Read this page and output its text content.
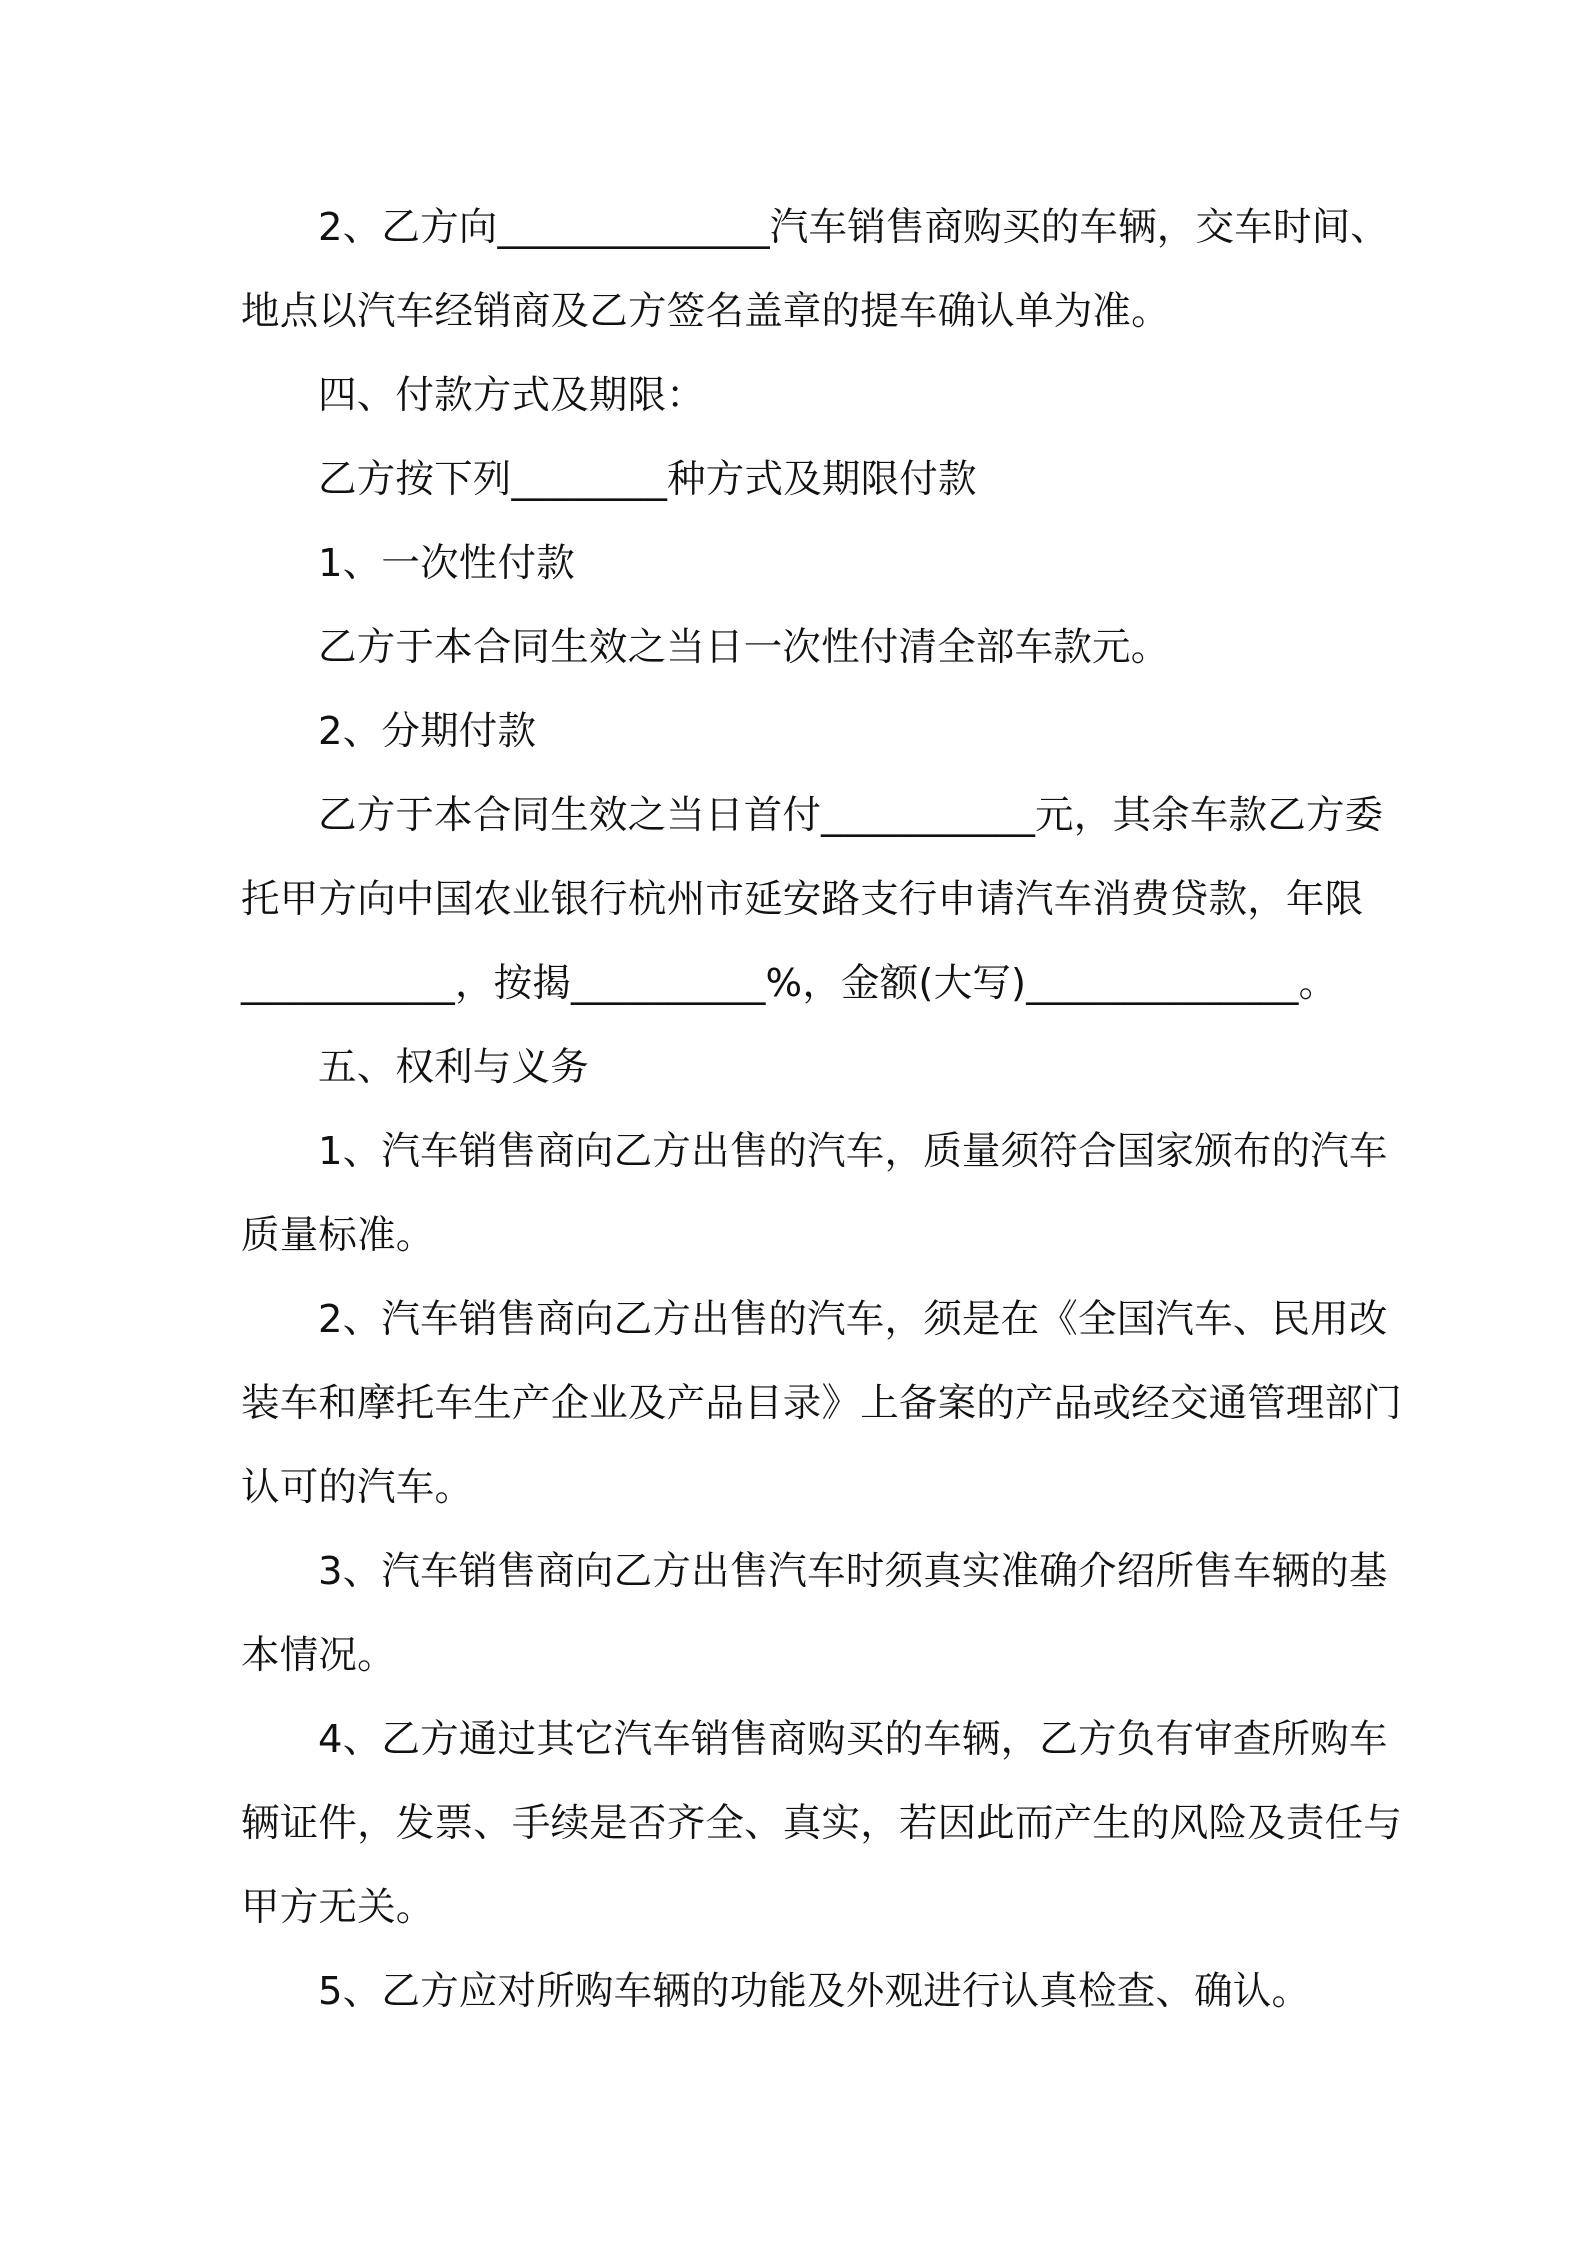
2、乙方向______________汽车销售商购买的车辆，交车时间、
地点以汽车经销商及乙方签名盖章的提车确认单为准。
四、付款方式及期限：
乙方按下列________种方式及期限付款
1、一次性付款
乙方于本合同生效之当日一次性付清全部车款元。
2、分期付款
乙方于本合同生效之当日首付___________元，其余车款乙方委
托甲方向中国农业银行杭州市延安路支行申请汽车消费贷款，年限
___________，按揭__________%，金额(大写)______________。
五、权利与义务
1、汽车销售商向乙方出售的汽车，质量须符合国家颁布的汽车
质量标准。
2、汽车销售商向乙方出售的汽车，须是在《全国汽车、民用改
装车和摩托车生产企业及产品目录》上备案的产品或经交通管理部门
认可的汽车。
3、汽车销售商向乙方出售汽车时须真实准确介绍所售车辆的基
本情况。
4、乙方通过其它汽车销售商购买的车辆，乙方负有审查所购车
辆证件，发票、手续是否齐全、真实，若因此而产生的风险及责任与
甲方无关。
5、乙方应对所购车辆的功能及外观进行认真检查、确认。
